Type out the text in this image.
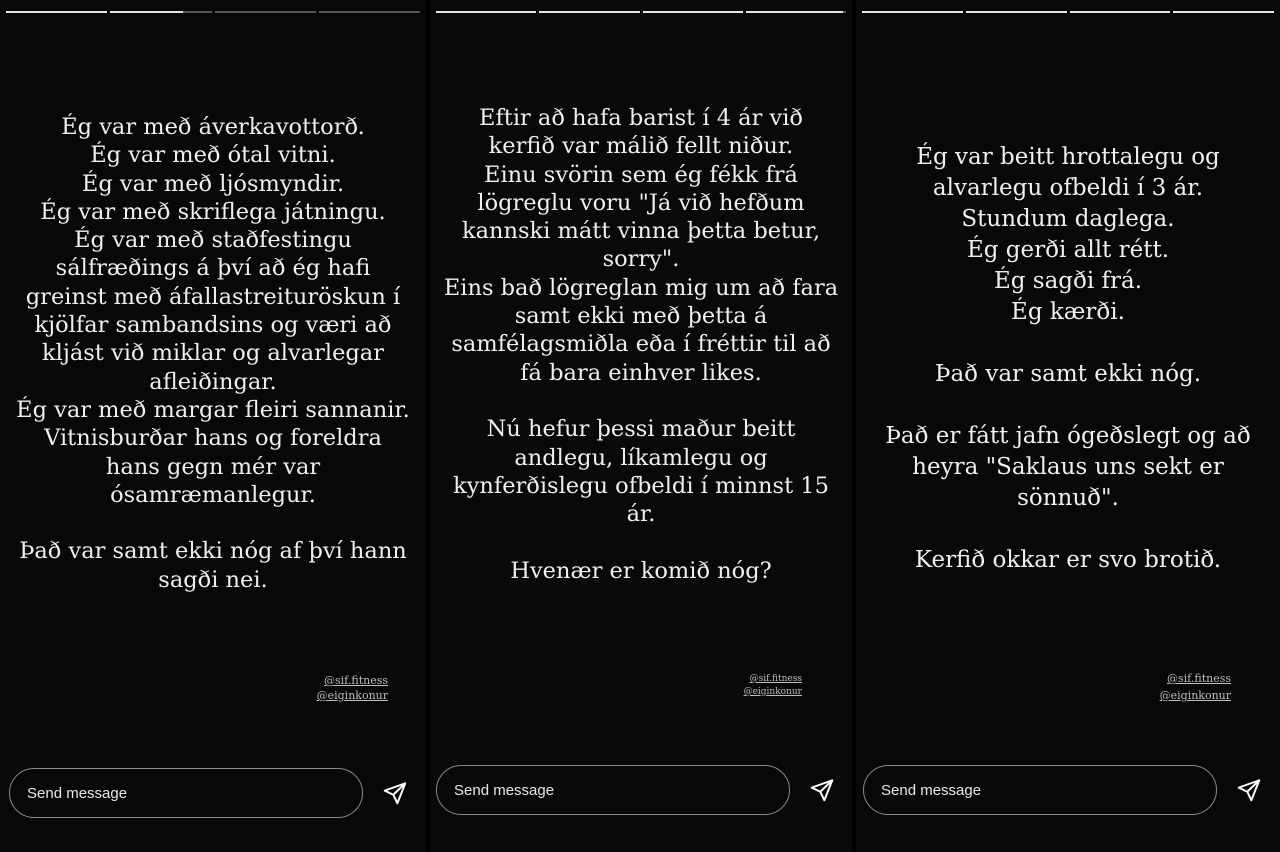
Ég var með áverkavottorð.
Ég var með ótal vitni.
Ég var með ljósmyndir.
Ég var með skriflega játningu.
Ég var með staðfestingu
sálfræðings á því að ég hafi
greinst með áfallastreituröskun í
kjölfar sambandsins og væri að
kljást við miklar og alvarlegar
afleiðingar.
Ég var með margar fleiri sannanir.
Vitnisburðar hans og foreldra
hans gegn mér var
ósamræmanlegur.

Það var samt ekki nóg af því hann
sagði nei.
@sif.fitness
@eiginkonur
Send message
Eftir að hafa barist í 4 ár við
kerfið var málið fellt niður.
Einu svörin sem ég fékk frá
lögreglu voru "Já við hefðum
kannski mátt vinna þetta betur,
sorry".
Eins bað lögreglan mig um að fara
samt ekki með þetta á
samfélagsmiðla eða í fréttir til að
fá bara einhver likes.

Nú hefur þessi maður beitt
andlegu, líkamlegu og
kynferðislegu ofbeldi í minnst 15
ár.

Hvenær er komið nóg?
@sif.fitness
@eiginkonur
Send message
Ég var beitt hrottalegu og
alvarlegu ofbeldi í 3 ár.
Stundum daglega.
Ég gerði allt rétt.
Ég sagði frá.
Ég kærði.

Það var samt ekki nóg.

Það er fátt jafn ógeðslegt og að
heyra "Saklaus uns sekt er
sönnuð".

Kerfið okkar er svo brotið.
@sif.fitness
@eiginkonur
Send message
